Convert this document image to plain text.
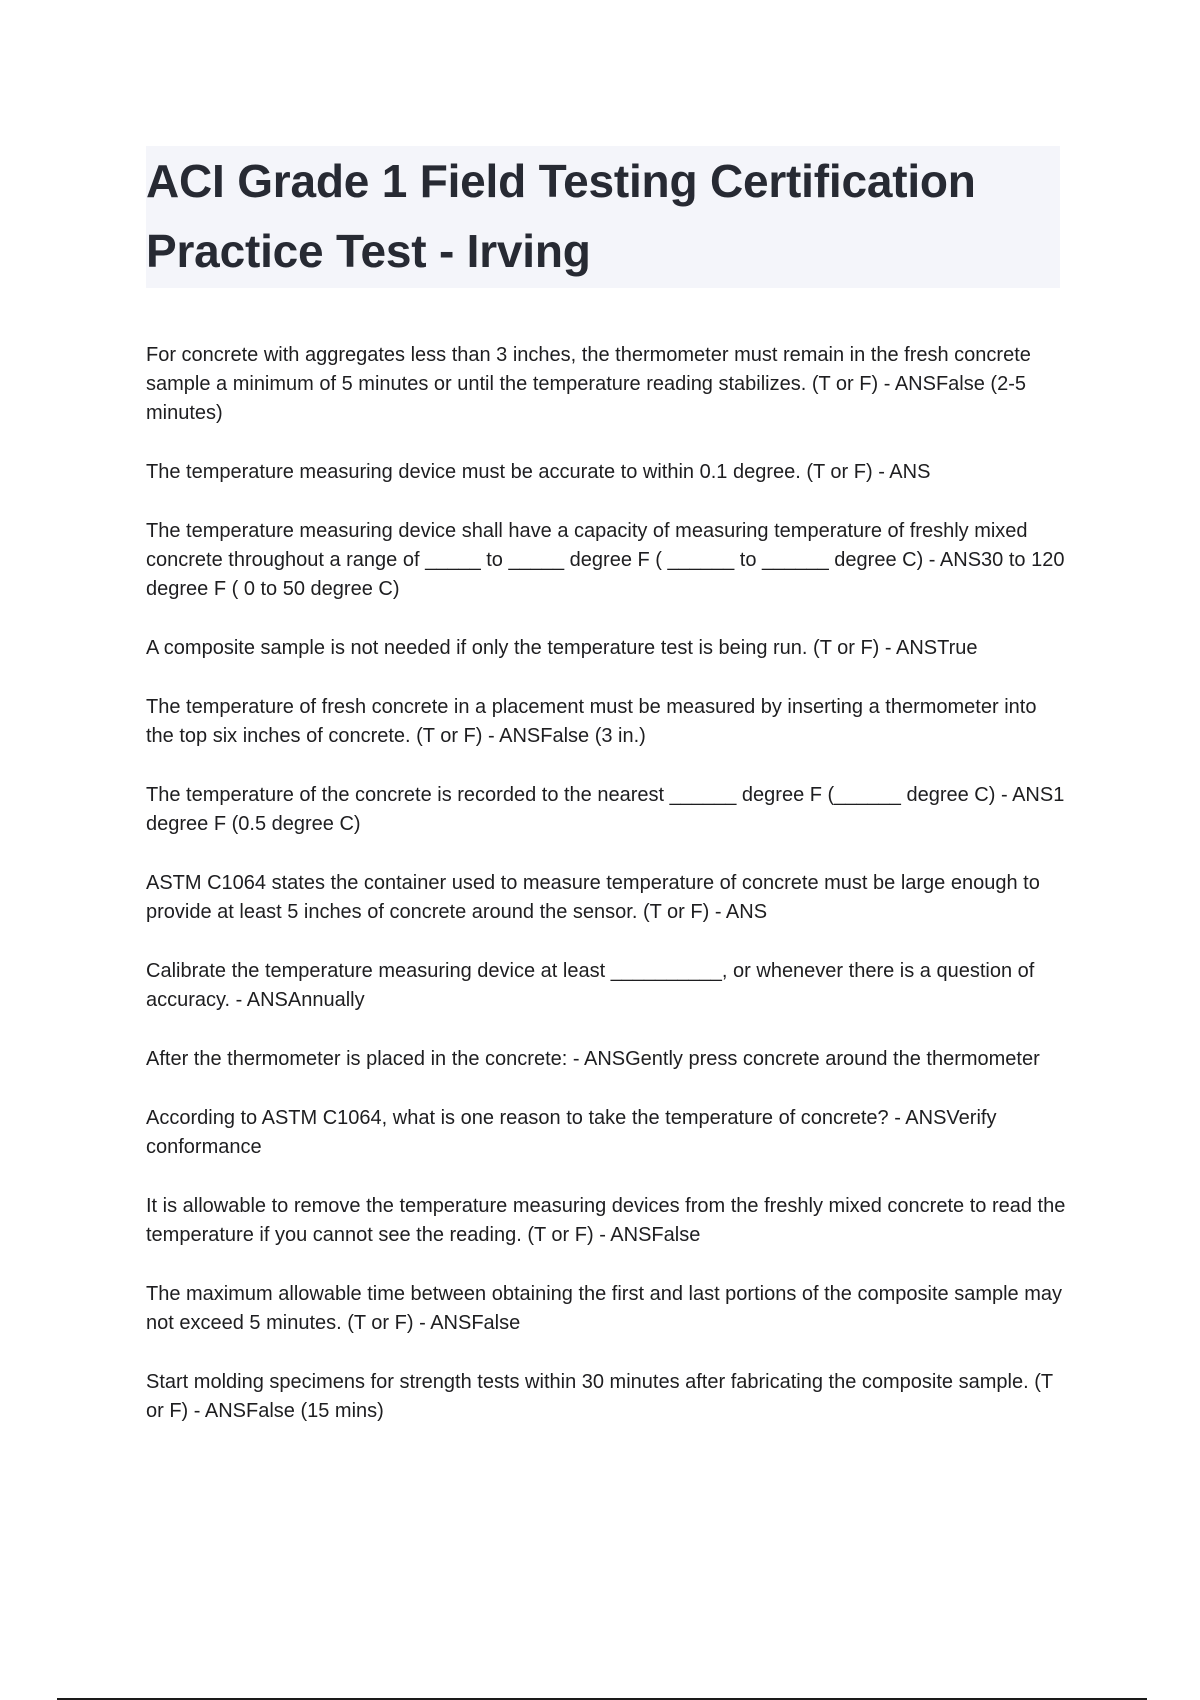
ACI Grade 1 Field Testing Certification Practice Test - Irving
For concrete with aggregates less than 3 inches, the thermometer must remain in the fresh concrete sample a minimum of 5 minutes or until the temperature reading stabilizes. (T or F) - ANSFalse (2-5 minutes)
The temperature measuring device must be accurate to within 0.1 degree. (T or F) - ANS
The temperature measuring device shall have a capacity of measuring temperature of freshly mixed concrete throughout a range of _____ to _____ degree F ( ______ to ______ degree C) - ANS30 to 120 degree F ( 0 to 50 degree C)
A composite sample is not needed if only the temperature test is being run. (T or F) - ANSTrue
The temperature of fresh concrete in a placement must be measured by inserting a thermometer into the top six inches of concrete. (T or F) - ANSFalse (3 in.)
The temperature of the concrete is recorded to the nearest ______ degree F (______ degree C) - ANS1 degree F (0.5 degree C)
ASTM C1064 states the container used to measure temperature of concrete must be large enough to provide at least 5 inches of concrete around the sensor. (T or F) - ANS
Calibrate the temperature measuring device at least __________, or whenever there is a question of accuracy. - ANSAnnually
After the thermometer is placed in the concrete: - ANSGently press concrete around the thermometer
According to ASTM C1064, what is one reason to take the temperature of concrete? - ANSVerify conformance
It is allowable to remove the temperature measuring devices from the freshly mixed concrete to read the temperature if you cannot see the reading. (T or F) - ANSFalse
The maximum allowable time between obtaining the first and last portions of the composite sample may not exceed 5 minutes. (T or F) - ANSFalse
Start molding specimens for strength tests within 30 minutes after fabricating the composite sample. (T or F) - ANSFalse (15 mins)
